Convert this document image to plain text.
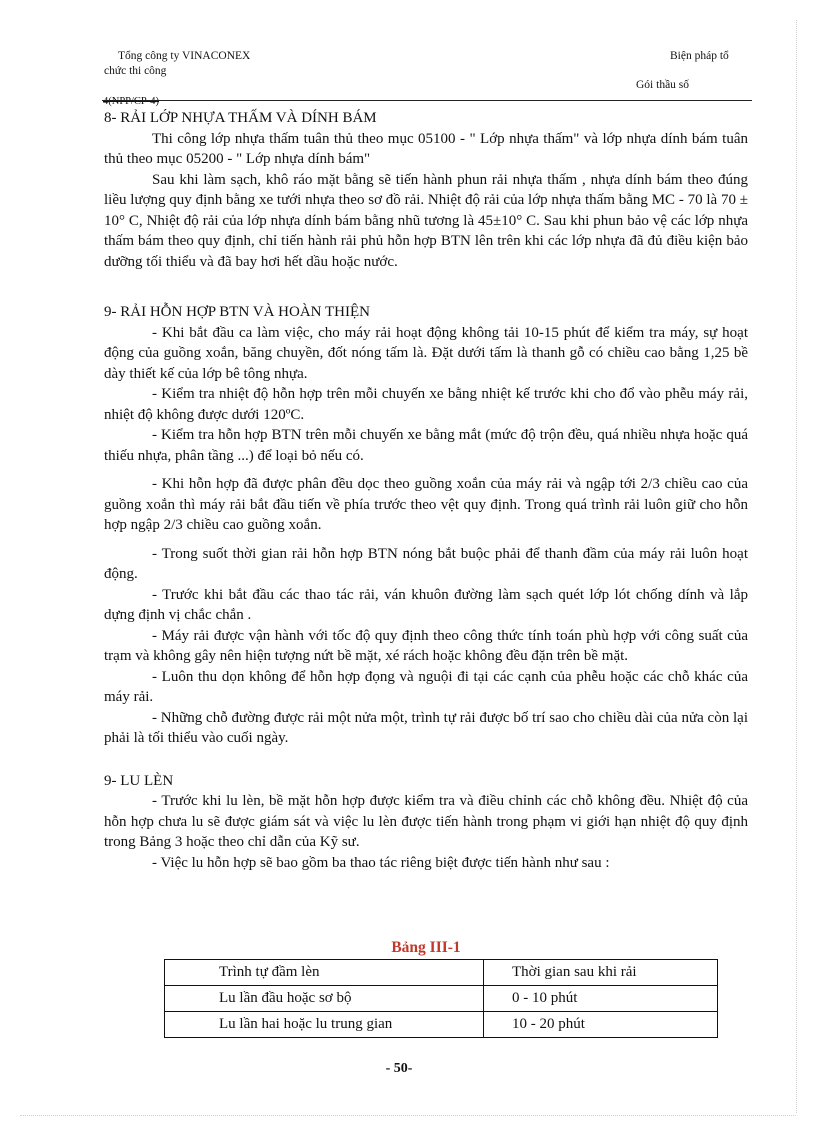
Tổng công ty VINACONEX
chức thi công
Biện pháp tổ
Gói thầu số
4(NPP/CP-4)
8- RẢI LỚP NHỰA THẤM VÀ DÍNH BÁM

Thi công lớp nhựa thấm tuân thủ theo mục 05100 - " Lớp nhựa thấm" và lớp nhựa dính bám tuân thủ theo mục 05200 - " Lớp nhựa dính bám"

Sau khi làm sạch, khô ráo mặt bằng sẽ tiến hành phun rải nhựa thấm , nhựa dính bám theo đúng liều lượng quy định bằng xe tưới nhựa theo sơ đồ rải. Nhiệt độ rải của lớp nhựa thấm bằng MC - 70 là 70 ± 10° C, Nhiệt độ rải của lớp nhựa dính bám bằng nhũ tương là 45±10° C. Sau khi phun bảo vệ các lớp nhựa thấm bám theo quy định, chỉ tiến hành rải phủ hỗn hợp BTN lên trên khi các lớp nhựa đã đủ điều kiện bảo dưỡng tối thiểu và đã bay hơi hết dầu hoặc nước.

9- RẢI HỖN HỢP BTN VÀ HOÀN THIỆN

- Khi bắt đầu ca làm việc, cho máy rải hoạt động không tải 10-15 phút để kiểm tra máy, sự hoạt động của guồng xoắn, băng chuyền, đốt nóng tấm là. Đặt dưới tấm là thanh gỗ có chiều cao bằng 1,25 bề dày thiết kế của lớp bê tông nhựa.

- Kiểm tra nhiệt độ hỗn hợp trên mỗi chuyến xe bằng nhiệt kế trước khi cho đổ vào phễu máy rải, nhiệt độ không được dưới 120ºC.

- Kiểm tra hỗn hợp BTN trên mỗi chuyến xe bằng mắt (mức độ trộn đều, quá nhiều nhựa hoặc quá thiếu nhựa, phân tầng ...) để loại bỏ nếu có.

- Khi hỗn hợp đã được phân đều dọc theo guồng xoắn của máy rải và ngập tới 2/3 chiều cao của guồng xoắn thì máy rải bắt đầu tiến về phía trước theo vệt quy định. Trong quá trình rải luôn giữ cho hỗn hợp ngập 2/3 chiều cao guồng xoắn.

- Trong suốt thời gian rải hỗn hợp BTN nóng bắt buộc phải để thanh đầm của máy rải luôn hoạt động.

- Trước khi bắt đầu các thao tác rải, ván khuôn đường làm sạch quét lớp lót chống dính và lắp dựng định vị chắc chắn .

- Máy rải được vận hành với tốc độ quy định theo công thức tính toán phù hợp với công suất của trạm và không gây nên hiện tượng nứt bề mặt, xé rách hoặc không đều đặn trên bề mặt.

- Luôn thu dọn không để hỗn hợp đọng và nguội đi tại các cạnh của phễu hoặc các chỗ khác của máy rải.

- Những chỗ đường được rải một nửa một, trình tự rải được bố trí sao cho chiều dài của nửa còn lại phải là tối thiểu vào cuối ngày.

9- LU LÈN

- Trước khi lu lèn, bề mặt hỗn hợp được kiểm tra và điều chỉnh các chỗ không đều. Nhiệt độ của hỗn hợp chưa lu sẽ được giám sát và việc lu lèn được tiến hành trong phạm vi giới hạn nhiệt độ quy định trong Bảng 3 hoặc theo chỉ dẫn của Kỹ sư.

- Việc lu hỗn hợp sẽ bao gồm ba thao tác riêng biệt được tiến hành như sau :

Bảng III-1
Trình tự đầm lèn	Thời gian sau khi rải
Lu lần đầu hoặc sơ bộ	0 - 10 phút
Lu lần hai hoặc lu trung gian	10 - 20 phút
- 50-
